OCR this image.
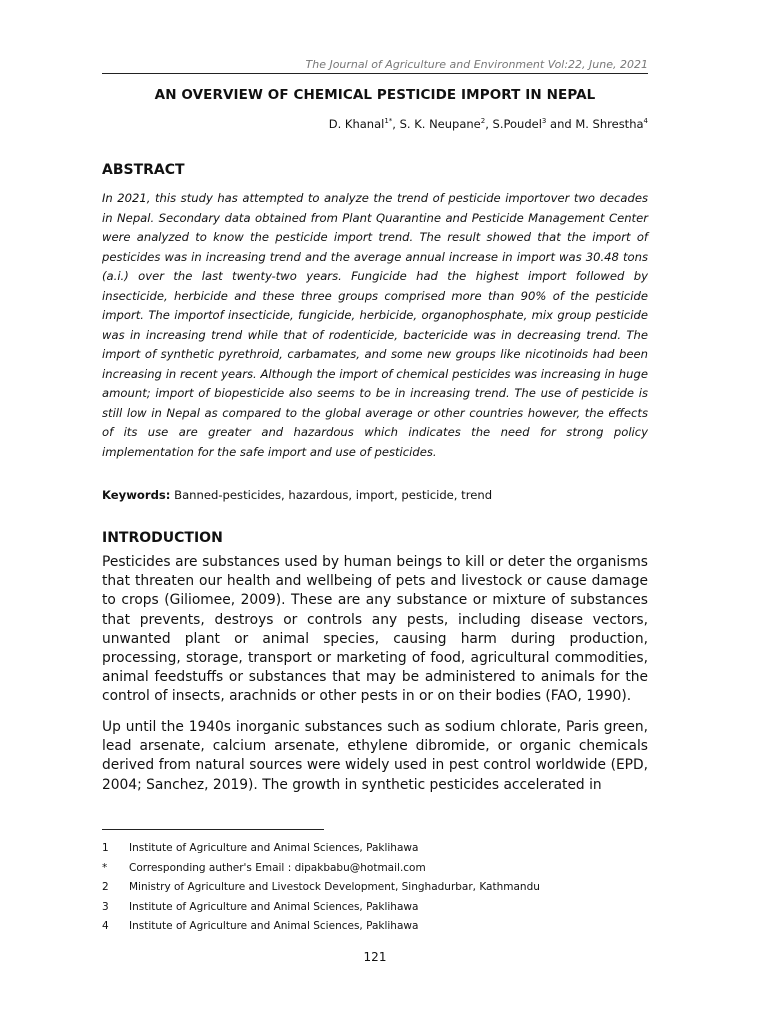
The Journal of Agriculture and Environment Vol:22, June, 2021
AN OVERVIEW OF CHEMICAL PESTICIDE IMPORT IN NEPAL
D. Khanal$^{1*}$, S. K. Neupane$^2$, S.Poudel$^3$ and M. Shrestha$^4$
ABSTRACT

In 2021, this study has attempted to analyze the trend of pesticide importover two decades in Nepal. Secondary data obtained from Plant Quarantine and Pesticide Management Center were analyzed to know the pesticide import trend. The result showed that the import of pesticides was in increasing trend and the average annual increase in import was 30.48 tons (a.i.) over the last twenty-two years. Fungicide had the highest import followed by insecticide, herbicide and these three groups comprised more than 90% of the pesticide import. The importof insecticide, fungicide, herbicide, organophosphate, mix group pesticide was in increasing trend while that of rodenticide, bactericide was in decreasing trend. The import of synthetic pyrethroid, carbamates, and some new groups like nicotinoids had been increasing in recent years. Although the import of chemical pesticides was increasing in huge amount; import of biopesticide also seems to be in increasing trend. The use of pesticide is still low in Nepal as compared to the global average or other countries however, the effects of its use are greater and hazardous which indicates the need for strong policy implementation for the safe import and use of pesticides.

Keywords: Banned-pesticides, hazardous, import, pesticide, trend
INTRODUCTION

Pesticides are substances used by human beings to kill or deter the organisms that threaten our health and wellbeing of pets and livestock or cause damage to crops (Giliomee, 2009). These are any substance or mixture of substances that prevents, destroys or controls any pests, including disease vectors, unwanted plant or animal species, causing harm during production, processing, storage, transport or marketing of food, agricultural commodities, animal feedstuffs or substances that may be administered to animals for the control of insects, arachnids or other pests in or on their bodies (FAO, 1990).

Up until the 1940s inorganic substances such as sodium chlorate, Paris green, lead arsenate, calcium arsenate, ethylene dibromide, or organic chemicals derived from natural sources were widely used in pest control worldwide (EPD, 2004; Sanchez, 2019). The growth in synthetic pesticides accelerated in

1	Institute of Agriculture and Animal Sciences, Paklihawa
*	Corresponding auther's Email : dipakbabu@hotmail.com
2	Ministry of Agriculture and Livestock Development, Singhadurbar, Kathmandu
3	Institute of Agriculture and Animal Sciences, Paklihawa
4	Institute of Agriculture and Animal Sciences, Paklihawa
121
